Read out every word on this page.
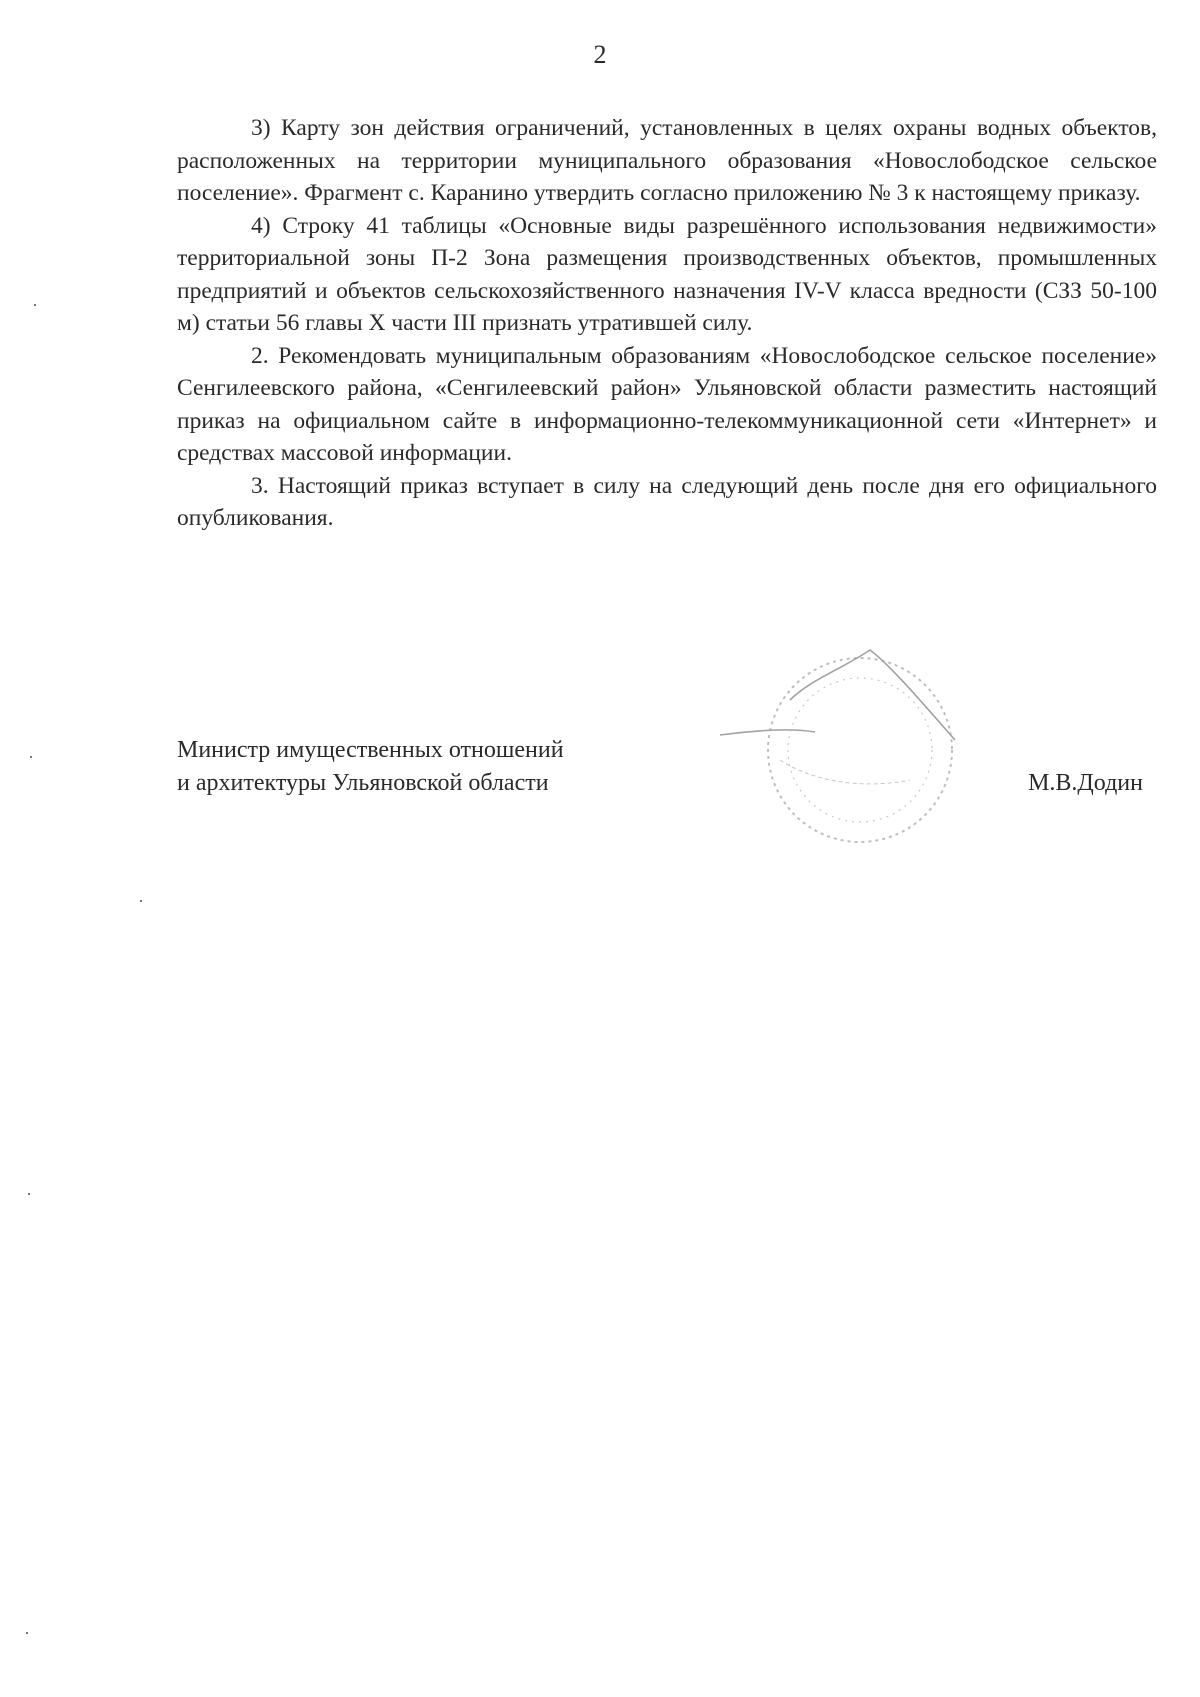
2

3) Карту зон действия ограничений, установленных в целях охраны водных объектов, расположенных на территории муниципального образования «Новослободское сельское поселение». Фрагмент с. Каранино утвердить согласно приложению № 3 к настоящему приказу.

4) Строку 41 таблицы «Основные виды разрешённого использования недвижимости» территориальной зоны П-2 Зона размещения производственных объектов, промышленных предприятий и объектов сельскохозяйственного назначения IV-V класса вредности (СЗЗ 50-100 м) статьи 56 главы X части III признать утратившей силу.

2. Рекомендовать муниципальным образованиям «Новослободское сельское поселение» Сенгилеевского района, «Сенгилеевский район» Ульяновской области разместить настоящий приказ на официальном сайте в информационно-телекоммуникационной сети «Интернет» и средствах массовой информации.

3. Настоящий приказ вступает в силу на следующий день после дня его официального опубликования.

Министр имущественных отношений
и архитектуры Ульяновской области	М.В.Додин
